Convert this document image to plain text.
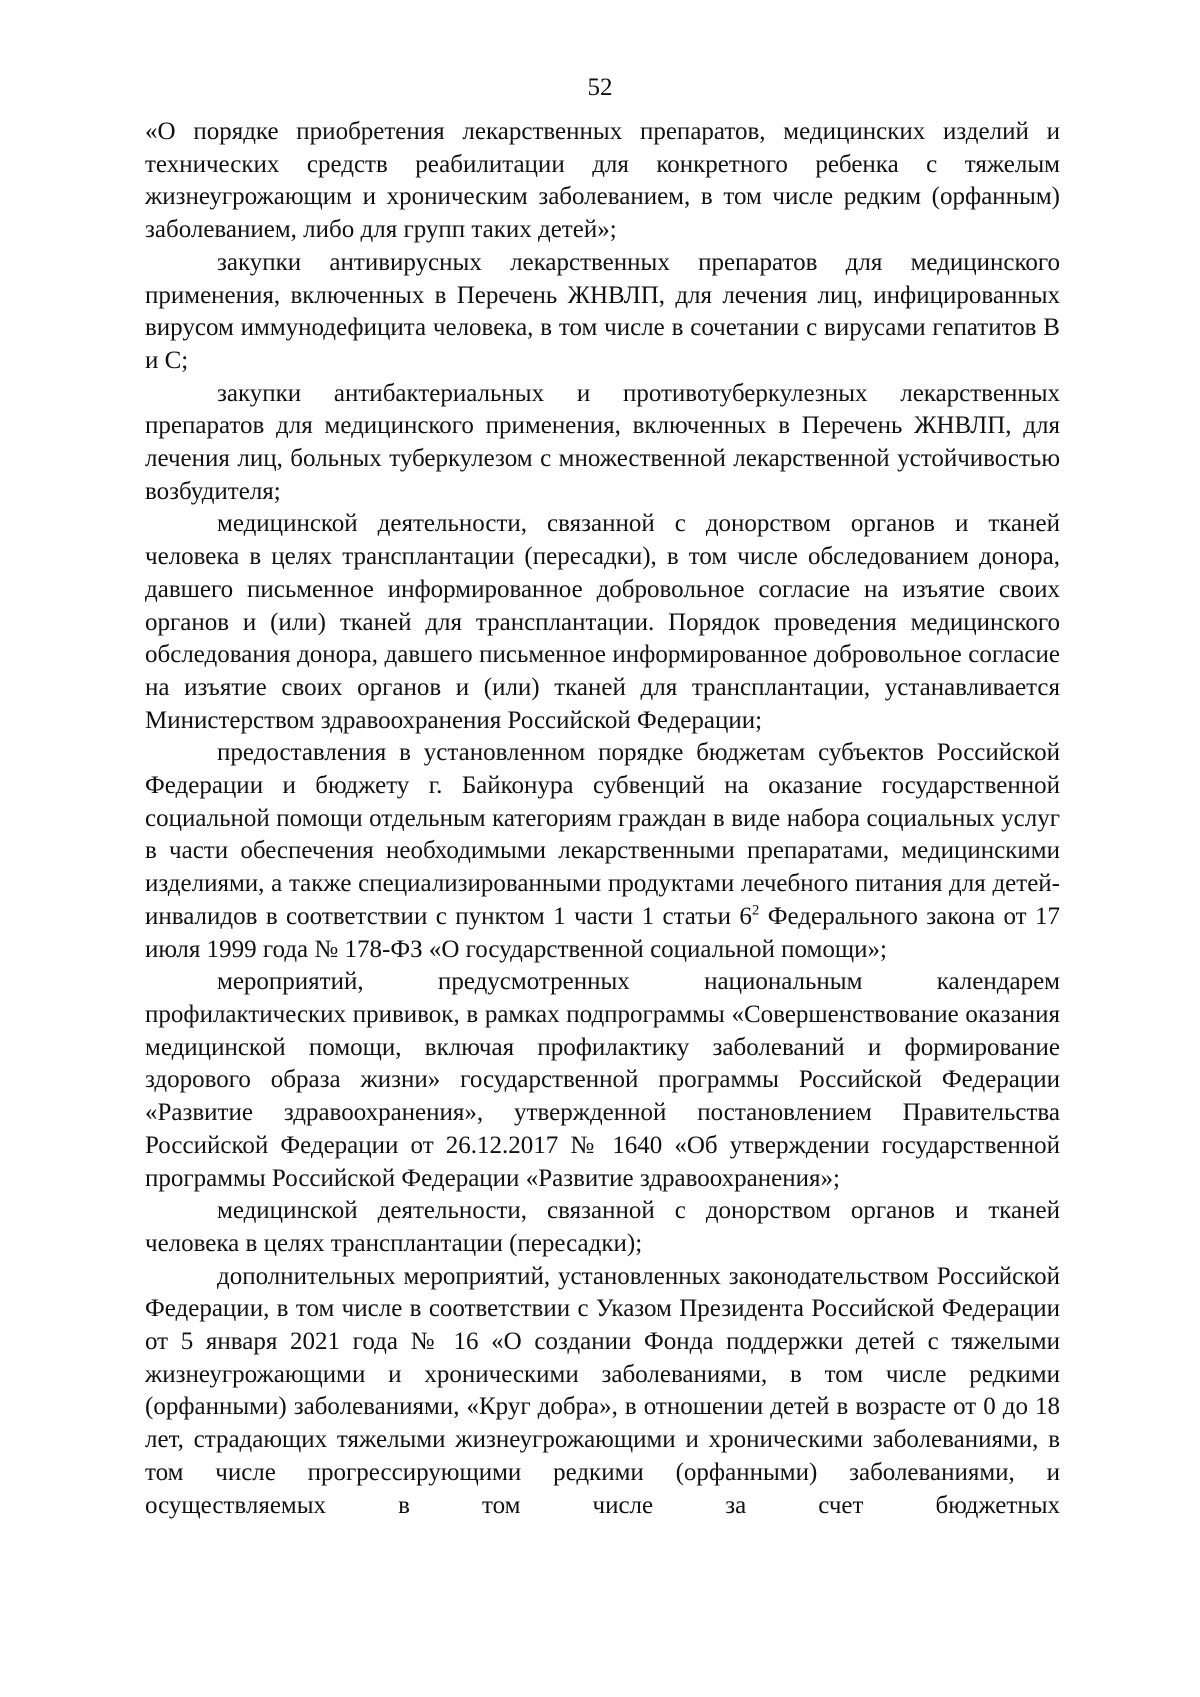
52

«О порядке приобретения лекарственных препаратов, медицинских изделий и технических средств реабилитации для конкретного ребенка с тяжелым жизнеугрожающим и хроническим заболеванием, в том числе редким (орфанным) заболеванием, либо для групп таких детей»;

закупки антивирусных лекарственных препаратов для медицинского применения, включенных в Перечень ЖНВЛП, для лечения лиц, инфицированных вирусом иммунодефицита человека, в том числе в сочетании с вирусами гепатитов В и С;

закупки антибактериальных и противотуберкулезных лекарственных препаратов для медицинского применения, включенных в Перечень ЖНВЛП, для лечения лиц, больных туберкулезом с множественной лекарственной устойчивостью возбудителя;

медицинской деятельности, связанной с донорством органов и тканей человека в целях трансплантации (пересадки), в том числе обследованием донора, давшего письменное информированное добровольное согласие на изъятие своих органов и (или) тканей для трансплантации. Порядок проведения медицинского обследования донора, давшего письменное информированное добровольное согласие на изъятие своих органов и (или) тканей для трансплантации, устанавливается Министерством здравоохранения Российской Федерации;

предоставления в установленном порядке бюджетам субъектов Российской Федерации и бюджету г. Байконура субвенций на оказание государственной социальной помощи отдельным категориям граждан в виде набора социальных услуг в части обеспечения необходимыми лекарственными препаратами, медицинскими изделиями, а также специализированными продуктами лечебного питания для детей-инвалидов в соответствии с пунктом 1 части 1 статьи $6^2$ Федерального закона от 17 июля 1999 года № 178-ФЗ «О государственной социальной помощи»;

мероприятий, предусмотренных национальным календарем профилактических прививок, в рамках подпрограммы «Совершенствование оказания медицинской помощи, включая профилактику заболеваний и формирование здорового образа жизни» государственной программы Российской Федерации «Развитие здравоохранения», утвержденной постановлением Правительства Российской Федерации от 26.12.2017 № 1640 «Об утверждении государственной программы Российской Федерации «Развитие здравоохранения»;

медицинской деятельности, связанной с донорством органов и тканей человека в целях трансплантации (пересадки);

дополнительных мероприятий, установленных законодательством Российской Федерации, в том числе в соответствии с Указом Президента Российской Федерации от 5 января 2021 года № 16 «О создании Фонда поддержки детей с тяжелыми жизнеугрожающими и хроническими заболеваниями, в том числе редкими (орфанными) заболеваниями, «Круг добра», в отношении детей в возрасте от 0 до 18 лет, страдающих тяжелыми жизнеугрожающими и хроническими заболеваниями, в том числе прогрессирующими редкими (орфанными) заболеваниями, и осуществляемых в том числе за счет бюджетных
